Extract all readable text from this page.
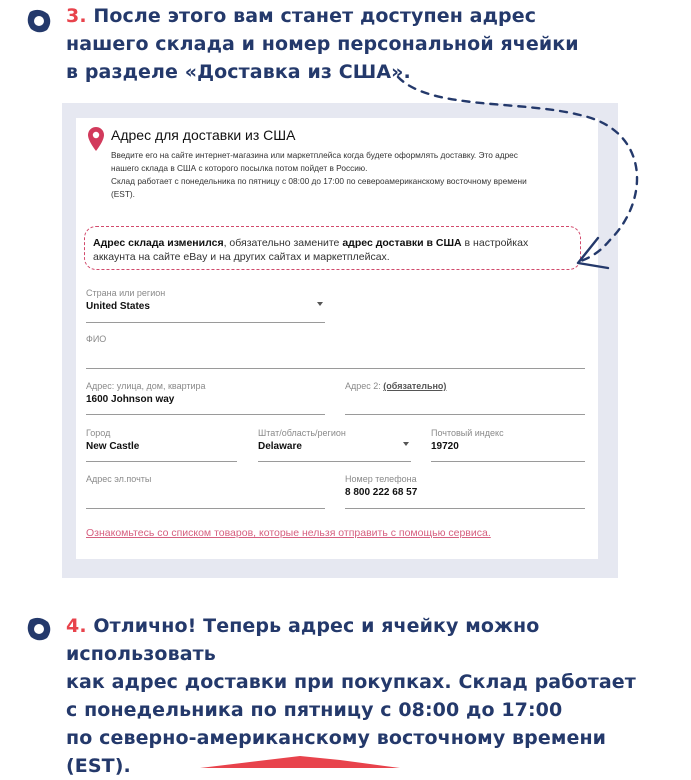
3. После этого вам станет доступен адрес
нашего склада и номер персональной ячейки
в разделе «Доставка из США».
Адрес для доставки из США
Введите его на сайте интернет-магазина или маркетплейса когда будете оформлять доставку. Это адрес
нашего склада в США с которого посылка потом пойдет в Россию.
Склад работает с понедельника по пятницу с 08:00 до 17:00 по североамериканскому восточному времени
(EST).
Адрес склада изменился, обязательно замените адрес доставки в США в настройках
аккаунта на сайте eBay и на других сайтах и маркетплейсах.
Страна или регион
United States
ФИО
Адрес: улица, дом, квартира
1600 Johnson way
Адрес 2: (обязательно)
Город
New Castle
Штат/область/регион
Delaware
Почтовый индекс
19720
Адрес эл.почты	Номер телефона
8 800 222 68 57
Ознакомьтесь со списком товаров, которые нельзя отправить с помощью сервиса.
4. Отлично! Теперь адрес и ячейку можно использовать
как адрес доставки при покупках. Склад работает
с понедельника по пятницу с 08:00 до 17:00
по северно-американскому восточному времени (EST).
